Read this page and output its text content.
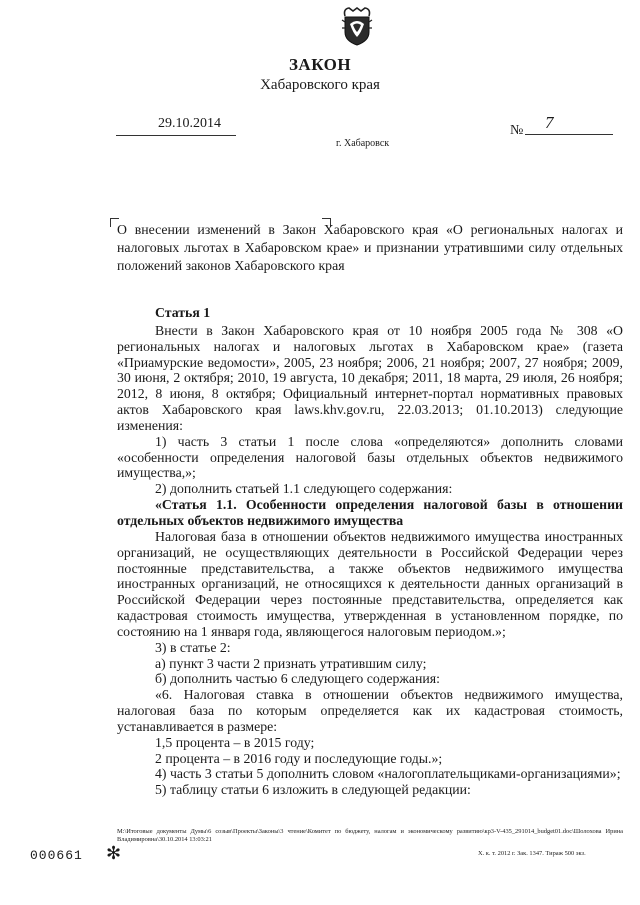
ЗАКОН
Хабаровского края
29.10.2014	№ 7
г. Хабаровск
О внесении изменений в Закон Хабаровского края «О региональных налогах и налоговых льготах в Хабаровском крае» и признании утратившими силу отдельных положений законов Хабаровского края

Статья 1

Внести в Закон Хабаровского края от 10 ноября 2005 года № 308 «О региональных налогах и налоговых льготах в Хабаровском крае» (газета «Приамурские ведомости», 2005, 23 ноября; 2006, 21 ноября; 2007, 27 ноября; 2009, 30 июня, 2 октября; 2010, 19 августа, 10 декабря; 2011, 18 марта, 29 июля, 26 ноября; 2012, 8 июня, 8 октября; Официальный интернет-портал нормативных правовых актов Хабаровского края laws.khv.gov.ru, 22.03.2013; 01.10.2013) следующие изменения:

1) часть 3 статьи 1 после слова «определяются» дополнить словами «особенности определения налоговой базы отдельных объектов недвижимого имущества,»;

2) дополнить статьей 1.1 следующего содержания:

«Статья 1.1. Особенности определения налоговой базы в отношении отдельных объектов недвижимого имущества

Налоговая база в отношении объектов недвижимого имущества иностранных организаций, не осуществляющих деятельности в Российской Федерации через постоянные представительства, а также объектов недвижимого имущества иностранных организаций, не относящихся к деятельности данных организаций в Российской Федерации через постоянные представительства, определяется как кадастровая стоимость имущества, утвержденная в установленном порядке, по состоянию на 1 января года, являющегося налоговым периодом.»;

3) в статье 2:

а) пункт 3 части 2 признать утратившим силу;

б) дополнить частью 6 следующего содержания:

«6. Налоговая ставка в отношении объектов недвижимого имущества, налоговая база по которым определяется как их кадастровая стоимость, устанавливается в размере:

1,5 процента – в 2015 году;

2 процента – в 2016 году и последующие годы.»;

4) часть 3 статьи 5 дополнить словом «налогоплательщиками-организациями»;

5) таблицу статьи 6 изложить в следующей редакции:

M:\Итоговые документы Думы\6 созыв\Проекты\Законы\3 чтение\Комитет по бюджету, налогам и экономическому развитию\кр3-V-435_291014_budget01.doc\Шолохова Ирина Владимировна\30.10.2014 13:03:21
000661 ✻	Х. к. т. 2012 г. Зак. 1347. Тираж 500 экз.
